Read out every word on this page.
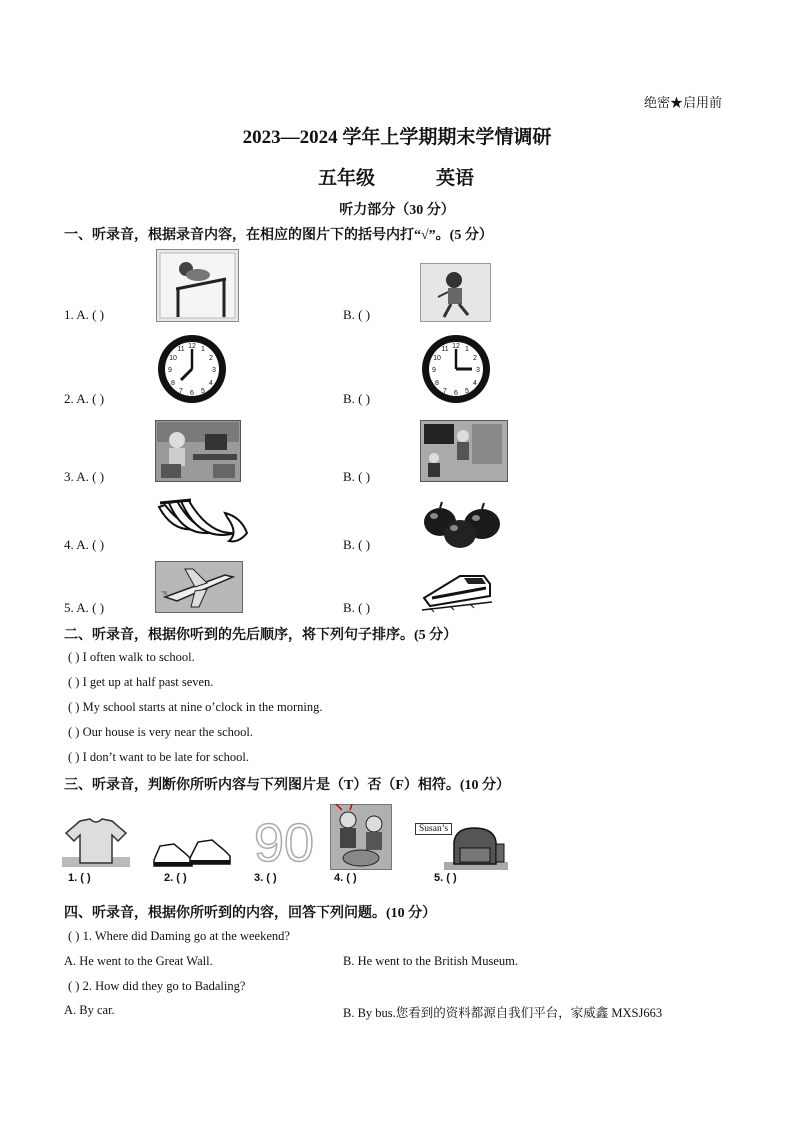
绝密★启用前
2023—2024 学年上学期期末学情调研
五年级	英语
听力部分（30 分）
一、听录音，根据录音内容，在相应的图片下的括号内打“√”。(5 分）
1. A. ( )	B. ( )
12
3
6
9
1
2
4
5
7
8
10
11	12
3
6
9
1
2
4
5
7
8
10
11
2. A. ( )	B. ( )
3. A. ( )	B. ( )
4. A. ( )	B. ( )
5. A. ( )	B. ( )
二、听录音，根据你听到的先后顺序，将下列句子排序。(5 分）
( ) I often walk to school.
( ) I get up at half past seven.
( ) My school starts at nine o’clock in the morning.
( ) Our house is very near the school.
( ) I don’t want to be late for school.
三、听录音，判断你所听内容与下列图片是（T）否（F）相符。(10 分）
90	Susan’s
1. ( )	2. ( )	3. ( )	4. ( )	5. ( )
四、听录音，根据你所听到的内容，回答下列问题。(10 分）
( ) 1. Where did Daming go at the weekend?
A. He went to the Great Wall.	B. He went to the British Museum.
( ) 2. How did they go to Badaling?
A. By car.	B. By bus.您看到的资料都源自我们平台，家威鑫 MXSJ663
